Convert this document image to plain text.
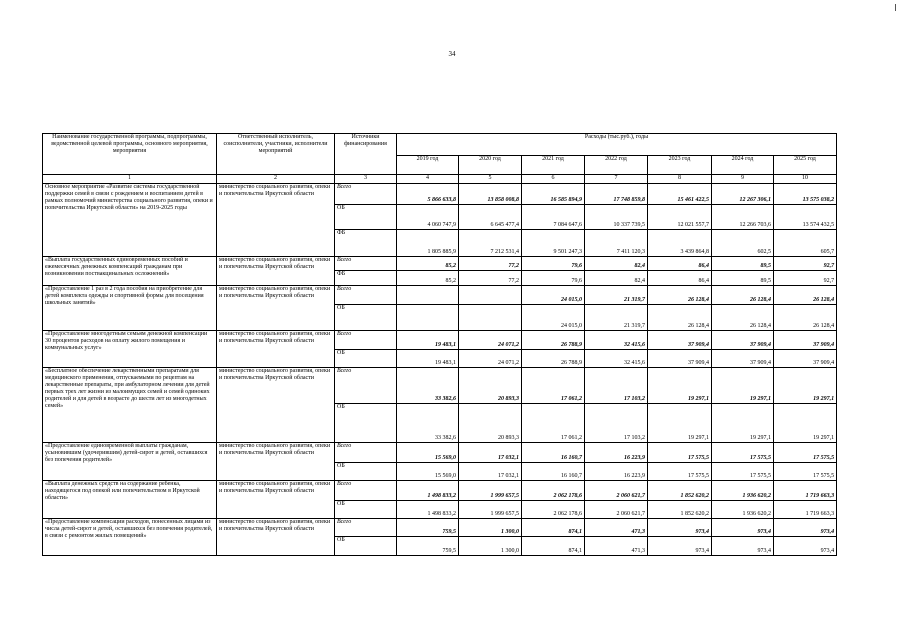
34
Наименование государственной программы, подпрограммы, ведомственной целевой программы, основного мероприятия, мероприятия	Ответственный исполнитель, соисполнители, участники, исполнители мероприятий	Источники финансирования	Расходы (тыс.руб.), годы						
			2019 год	2020 год	2021 год	2022 год	2023 год	2024 год	2025 год
1	2	3	4	5	6	7	8	9	10
Основное мероприятие «Развитие системы государственной поддержки семей в связи с рождением и воспитанием детей в рамках полномочий министерства социального развития, опеки и попечительства Иркутской области» на 2019-2025 годы	министерство социального развития, опеки и попечительства Иркутской области	Всего	5 866 633,8	13 858 008,8	16 585 894,9	17 748 859,8	15 461 422,5	12 267 306,1	13 575 038,2
		ОБ	4 060 747,9	6 645 477,4	7 084 647,6	10 337 739,5	12 021 557,7	12 266 703,6	13 574 432,5
		ФБ	1 805 885,9	7 212 531,4	9 501 247,3	7 411 120,3	3 439 864,8	602,5	605,7
«Выплата государственных единовременных пособий и ежемесячных денежных компенсаций гражданам при возникновении поствакцинальных осложнений»	министерство социального развития, опеки и попечительства Иркутской области	Всего	85,2	77,2	79,6	82,4	86,4	89,5	92,7
		ФБ	85,2	77,2	79,6	82,4	86,4	89,5	92,7
«Предоставление 1 раз в 2 года пособия на приобретение для детей комплекта одежды и спортивной формы для посещения школьных занятий»	министерство социального развития, опеки и попечительства Иркутской области	Всего			24 015,0	21 319,7	26 128,4	26 128,4	26 128,4
		ОБ			24 015,0	21 319,7	26 128,4	26 128,4	26 128,4
«Предоставление многодетным семьям денежной компенсации 30 процентов расходов на оплату жилого помещения и коммунальных услуг»	министерство социального развития, опеки и попечительства Иркутской области	Всего	19 483,1	24 071,2	26 788,9	32 415,6	37 909,4	37 909,4	37 909,4
		ОБ	19 483,1	24 071,2	26 788,9	32 415,6	37 909,4	37 909,4	37 909,4
«Бесплатное обеспечение лекарственными препаратами для медицинского применения, отпускаемыми по рецептам на лекарственные препараты, при амбулаторном лечении для детей первых трех лет жизни из малоимущих семей и семей одиноких родителей и для детей в возрасте до шести лет из многодетных семей»	министерство социального развития, опеки и попечительства Иркутской области	Всего	33 382,6	20 893,3	17 061,2	17 103,2	19 297,1	19 297,1	19 297,1
		ОБ	33 382,6	20 893,3	17 061,2	17 103,2	19 297,1	19 297,1	19 297,1
«Предоставление единовременной выплаты гражданам, усыновившим (удочерившим) детей-сирот и детей, оставшихся без попечения родителей»	министерство социального развития, опеки и попечительства Иркутской области	Всего	15 569,0	17 032,1	16 160,7	16 223,9	17 575,5	17 575,5	17 575,5
		ОБ	15 569,0	17 032,1	16 160,7	16 223,9	17 575,5	17 575,5	17 575,5
«Выплата денежных средств на содержание ребенка, находящегося под опекой или попечительством в Иркутской области»	министерство социального развития, опеки и попечительства Иркутской области	Всего	1 498 833,2	1 999 657,5	2 062 178,6	2 060 621,7	1 852 620,2	1 936 620,2	1 719 663,3
		ОБ	1 498 833,2	1 999 657,5	2 062 178,6	2 060 621,7	1 852 620,2	1 936 620,2	1 719 663,3
«Предоставление компенсации расходов, понесенных лицами из числа детей-сирот и детей, оставшихся без попечения родителей, в связи с ремонтом жилых помещений»	министерство социального развития, опеки и попечительства Иркутской области	Всего	759,5	1 300,0	874,1	471,3	973,4	973,4	973,4
		ОБ	759,5	1 300,0	874,1	471,3	973,4	973,4	973,4
